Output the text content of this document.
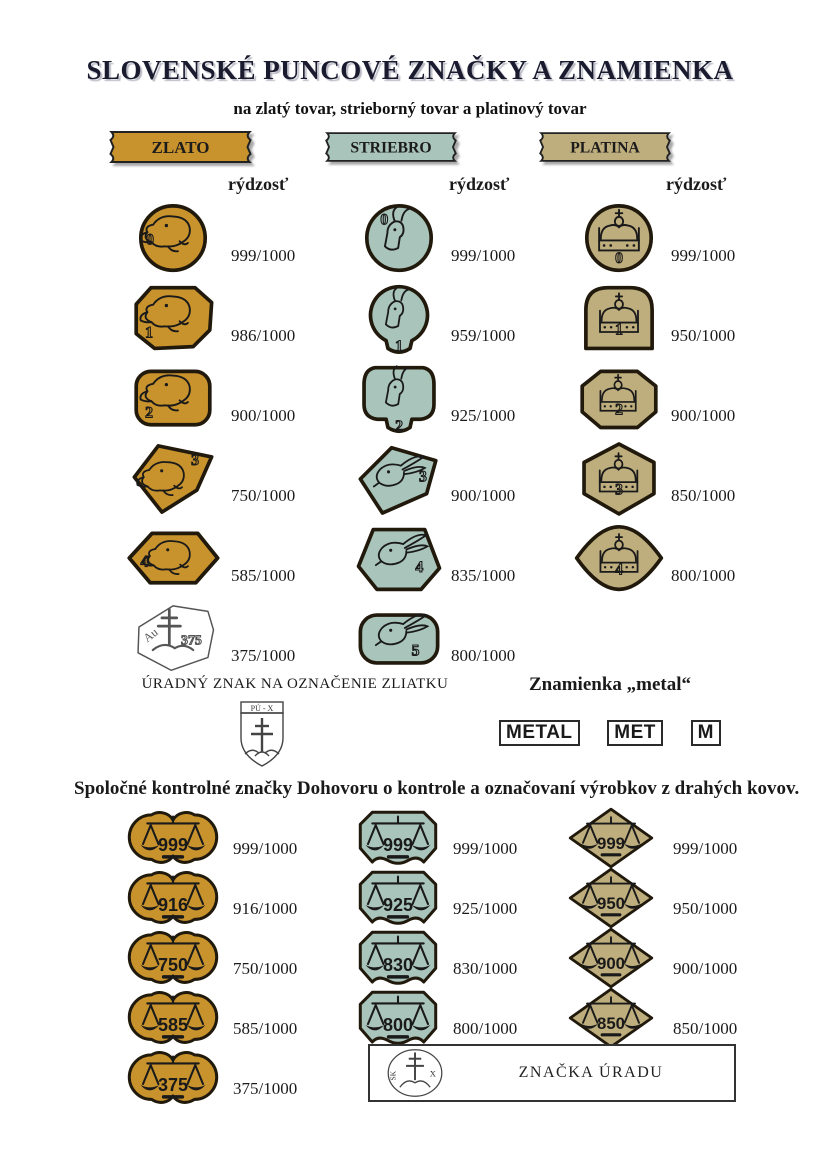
SLOVENSKÉ PUNCOVÉ ZNAČKY A ZNAMIENKA
na zlatý tovar, strieborný tovar a platinový tovar
ZLATO
rýdzosť
0
999/1000
1	986/1000
2	900/1000
3
750/1000
4
585/1000
Au 375
375/1000
STRIEBRO
rýdzosť
0
999/1000
1
959/1000
2
925/1000
3
900/1000
4	835/1000
5	800/1000
PLATINA
rýdzosť
0	999/1000
1	950/1000
2	900/1000
3	850/1000
4	800/1000
ÚRADNÝ ZNAK NA OZNAČENIE ZLIATKU
PÚ - X
Znamienka „metal“
METAL	MET	M
Spoločné kontrolné značky Dohovoru o kontrole a označovaní výrobkov z drahých kovov.
999	999/1000
916	916/1000
750	750/1000
585	585/1000
375	375/1000
999	999/1000
925	925/1000
830	830/1000
800	800/1000
999	999/1000
950	950/1000
900	900/1000
850	850/1000
SK	X	ZNAČKA ÚRADU
